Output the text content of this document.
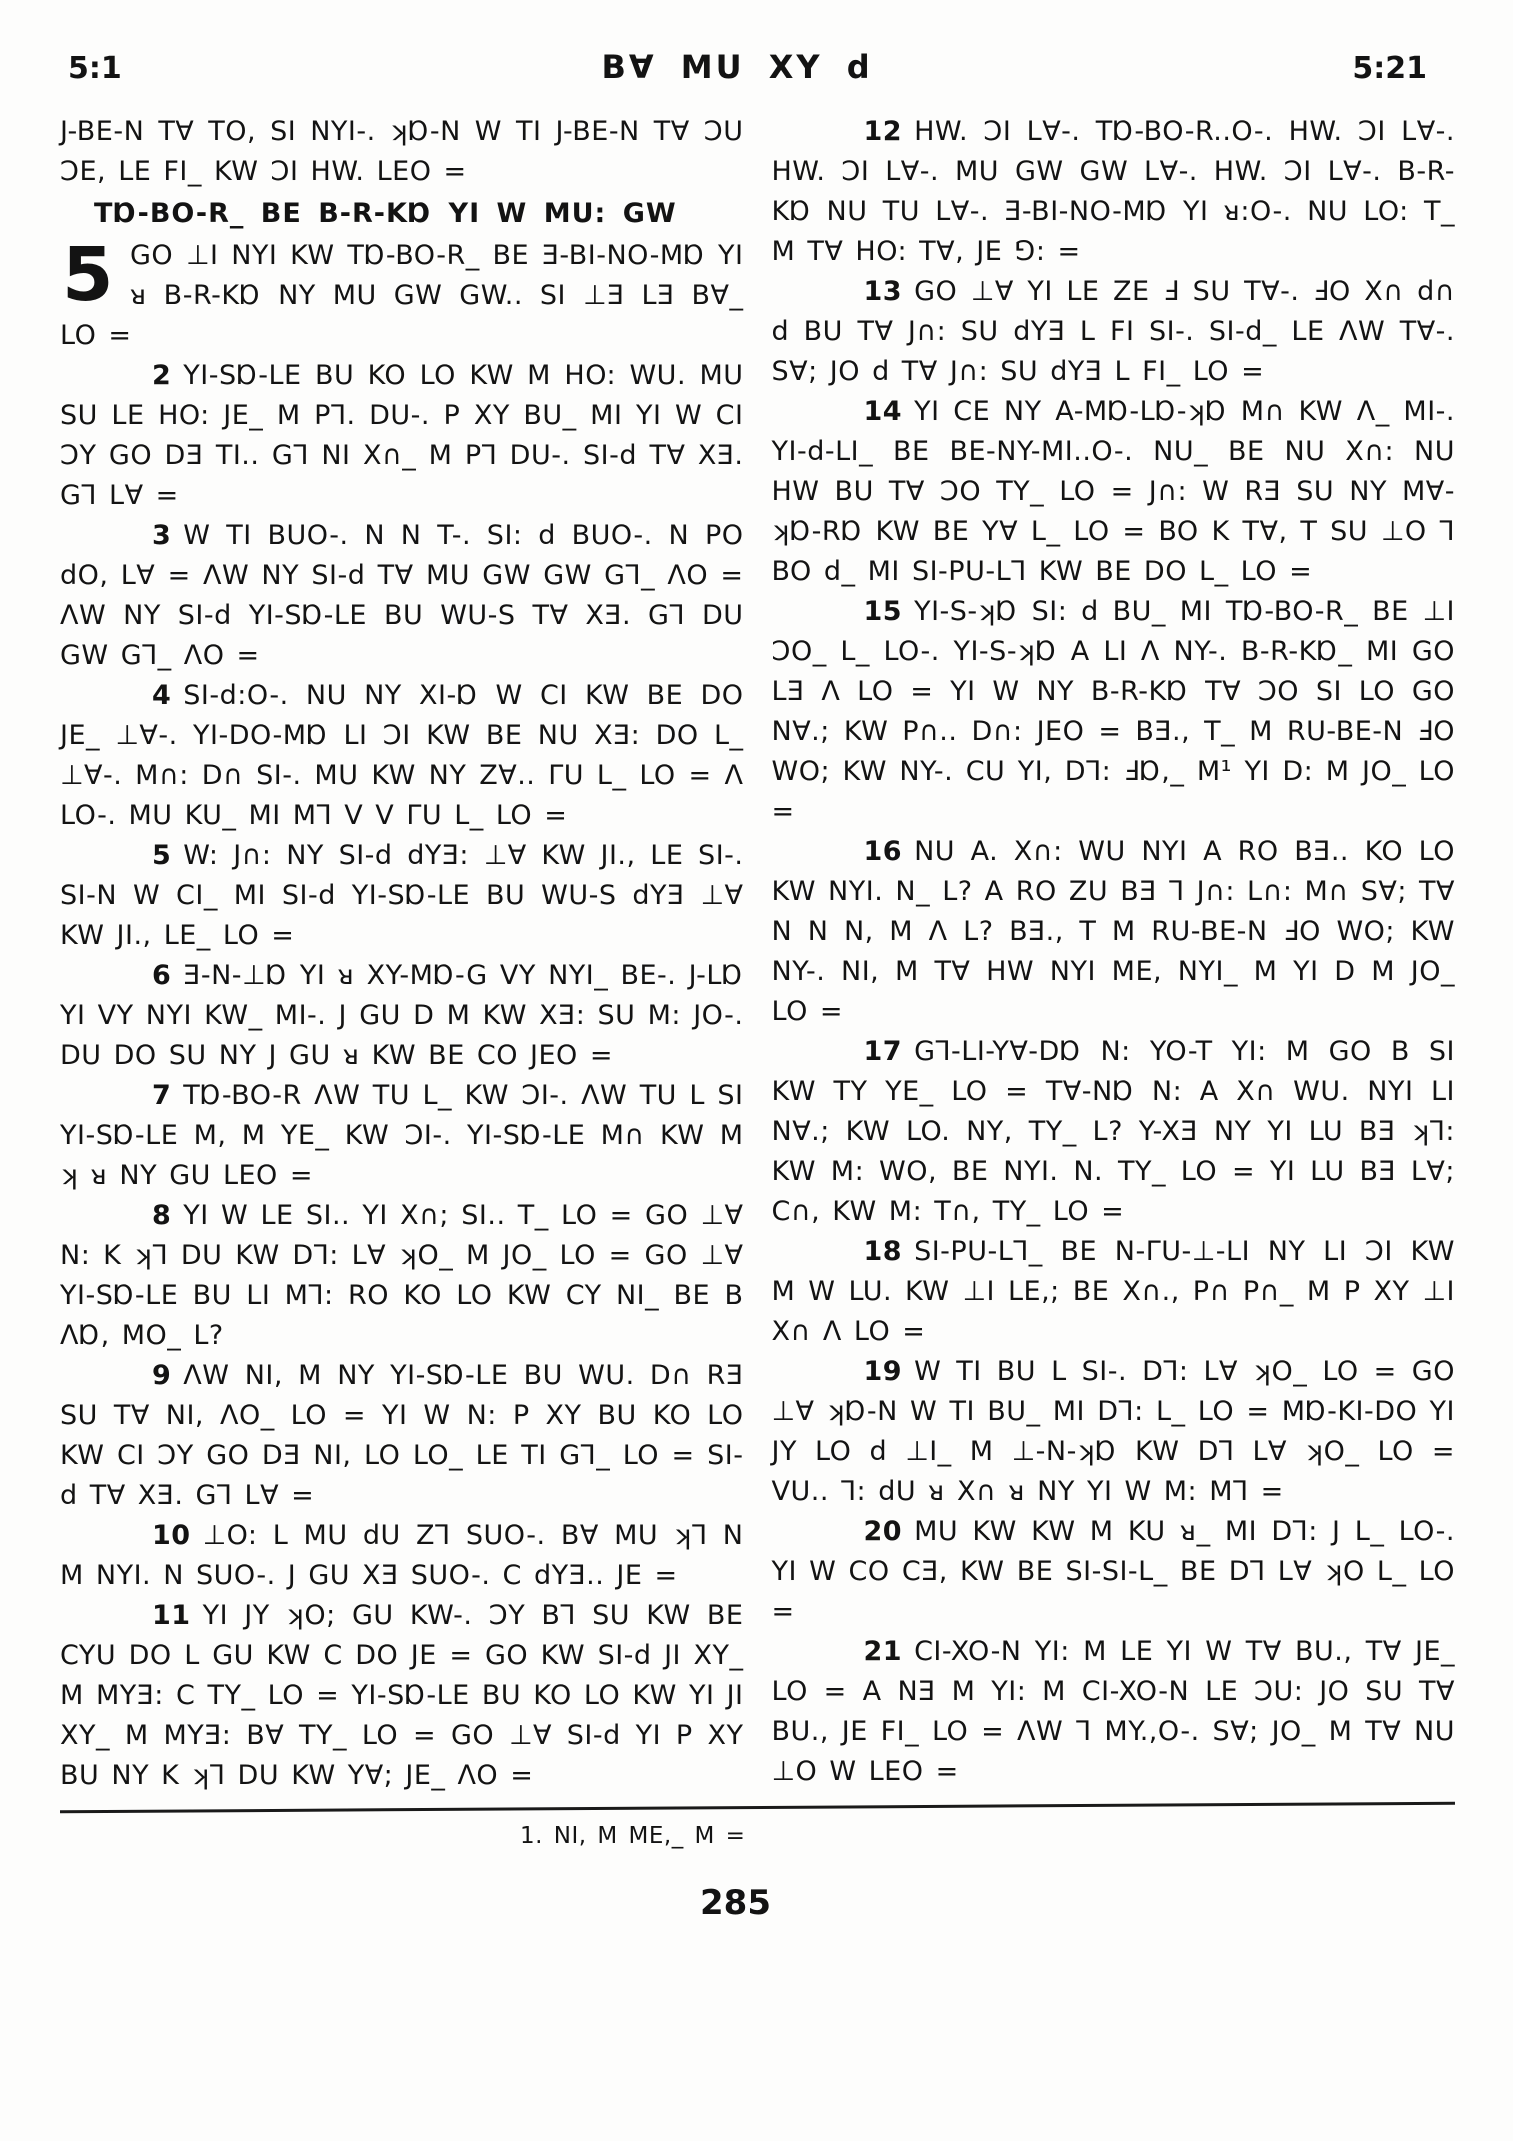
5:1	BⱯ MU XY d	5:21

J-BE-N TⱯ TO, SI NYI-. ʞⱰ-N W TI J-BE-N TⱯ ƆU ƆE, LE FI_ KW ƆI HW. LEO =

TⱰ-BO-R_ BE B-R-KⱰ YI W MU: GW

5 GO ⊥I NYI KW TⱰ-BO-R_ BE Ǝ-BI-NO-MⱰ YI ᴚ B-R-KⱰ NY MU GW GW.. SI ⊥Ǝ LƎ BⱯ_ LO =

2 YI-SⱰ-LE BU KO LO KW M HO: WU. MU SU LE HO: JE_ M P⅂. DU-. P XY BU_ MI YI W CI ƆY GO DƎ TI.. G⅂ NI X∩_ M P⅂ DU-. SI-d TⱯ XƎ. G⅂ LⱯ =

3 W TI BUO-. N N T-. SI: d BUO-. N PO dO, LⱯ = ɅW NY SI-d TⱯ MU GW GW G⅂_ ɅO = ɅW NY SI-d YI-SⱰ-LE BU WU-S TⱯ XƎ. G⅂ DU GW G⅂_ ɅO =

4 SI-d:O-. NU NY XI-Ɒ W CI KW BE DO JE_ ⊥Ɐ-. YI-DO-MⱰ LI ƆI KW BE NU XƎ: DO L_ ⊥Ɐ-. M∩: D∩ SI-. MU KW NY ZⱯ.. ΓU L_ LO = Ʌ LO-. MU KU_ MI M⅂ V V ΓU L_ LO =

5 W: J∩: NY SI-d dYƎ: ⊥Ɐ KW JI., LE SI-. SI-N W CI_ MI SI-d YI-SⱰ-LE BU WU-S dYƎ ⊥Ɐ KW JI., LE_ LO =

6 Ǝ-N-⊥Ɒ YI ᴚ XY-MⱰ-G VY NYI_ BE-. J-LⱰ YI VY NYI KW_ MI-. J GU D M KW XƎ: SU M: JO-. DU DO SU NY J GU ᴚ KW BE CO JEO =

7 TⱰ-BO-R ɅW TU L_ KW ƆI-. ɅW TU L SI YI-SⱰ-LE M, M YE_ KW ƆI-. YI-SⱰ-LE M∩ KW M ʞ ᴚ NY GU LEO =

8 YI W LE SI.. YI X∩; SI.. T_ LO = GO ⊥Ɐ N: K ʞ⅂ DU KW D⅂: LⱯ ʞO_ M JO_ LO = GO ⊥Ɐ YI-SⱰ-LE BU LI M⅂: RO KO LO KW CY NI_ BE B ɅⱰ, MO_ L?

9 ɅW NI, M NY YI-SⱰ-LE BU WU. D∩ RƎ SU TⱯ NI, ɅO_ LO = YI W N: P XY BU KO LO KW CI ƆY GO DƎ NI, LO LO_ LE TI G⅂_ LO = SI-d TⱯ XƎ. G⅂ LⱯ =

10 ⊥O: L MU dU Z⅂ SUO-. BⱯ MU ʞ⅂ N M NYI. N SUO-. J GU XƎ SUO-. C dYƎ.. JE =

11 YI JY ʞO; GU KW-. ƆY B⅂ SU KW BE CYU DO L GU KW C DO JE = GO KW SI-d JI XY_ M MYƎ: C TY_ LO = YI-SⱰ-LE BU KO LO KW YI JI XY_ M MYƎ: BⱯ TY_ LO = GO ⊥Ɐ SI-d YI P XY BU NY K ʞ⅂ DU KW YⱯ; JE_ ɅO =

12 HW. ƆI LⱯ-. TⱰ-BO-R..O-. HW. ƆI LⱯ-. HW. ƆI LⱯ-. MU GW GW LⱯ-. HW. ƆI LⱯ-. B-R-KⱰ NU TU LⱯ-. Ǝ-BI-NO-MⱰ YI ᴚ:O-. NU LO: T_ M TⱯ HO: TⱯ, JE ⅁: =

13 GO ⊥Ɐ YI LE ZE Ⅎ SU TⱯ-. ℲO X∩ d∩ d BU TⱯ J∩: SU dYƎ L FI SI-. SI-d_ LE ɅW TⱯ-. SⱯ; JO d TⱯ J∩: SU dYƎ L FI_ LO =

14 YI CE NY A-MⱰ-LⱰ-ʞⱰ M∩ KW Ʌ_ MI-. YI-d-LI_ BE BE-NY-MI..O-. NU_ BE NU X∩: NU HW BU TⱯ ƆO TY_ LO = J∩: W RƎ SU NY MⱯ-ʞⱰ-RⱰ KW BE YⱯ L_ LO = BO K TⱯ, T SU ⊥O ⅂ BO d_ MI SI-PU-L⅂ KW BE DO L_ LO =

15 YI-S-ʞⱰ SI: d BU_ MI TⱰ-BO-R_ BE ⊥I ƆO_ L_ LO-. YI-S-ʞⱰ A LI Ʌ NY-. B-R-KⱰ_ MI GO LƎ Ʌ LO = YI W NY B-R-KⱰ TⱯ ƆO SI LO GO NⱯ.; KW P∩.. D∩: JEO = BƎ., T_ M RU-BE-N ℲO WO; KW NY-. CU YI, D⅂: ℲⱰ,_ M¹ YI D: M JO_ LO =

16 NU A. X∩: WU NYI A RO BƎ.. KO LO KW NYI. N_ L? A RO ZU BƎ ⅂ J∩: L∩: M∩ SⱯ; TⱯ N N N, M Ʌ L? BƎ., T M RU-BE-N ℲO WO; KW NY-. NI, M TⱯ HW NYI ME, NYI_ M YI D M JO_ LO =

17 G⅂-LI-YⱯ-DⱰ N: YO-T YI: M GO B SI KW TY YE_ LO = TⱯ-NⱰ N: A X∩ WU. NYI LI NⱯ.; KW LO. NY, TY_ L? Y-XƎ NY YI LU BƎ ʞ⅂: KW M: WO, BE NYI. N. TY_ LO = YI LU BƎ LⱯ; C∩, KW M: T∩, TY_ LO =

18 SI-PU-L⅂_ BE N-ΓU-⊥-LI NY LI ƆI KW M W LU. KW ⊥I LE,; BE X∩., P∩ P∩_ M P XY ⊥I X∩ Ʌ LO =

19 W TI BU L SI-. D⅂: LⱯ ʞO_ LO = GO ⊥Ɐ ʞⱰ-N W TI BU_ MI D⅂: L_ LO = MⱰ-KI-DO YI JY LO d ⊥I_ M ⊥-N-ʞⱰ KW D⅂ LⱯ ʞO_ LO = VU.. ⅂: dU ᴚ X∩ ᴚ NY YI W M: M⅂ =

20 MU KW KW M KU ᴚ_ MI D⅂: J L_ LO-. YI W CO CƎ, KW BE SI-SI-L_ BE D⅂ LⱯ ʞO L_ LO =

21 CI-XO-N YI: M LE YI W TⱯ BU., TⱯ JE_ LO = A NƎ M YI: M CI-XO-N LE ƆU: JO SU TⱯ BU., JE FI_ LO = ɅW ⅂ MY.,O-. SⱯ; JO_ M TⱯ NU ⊥O W LEO =

1. NI, M ME,_ M =

285
